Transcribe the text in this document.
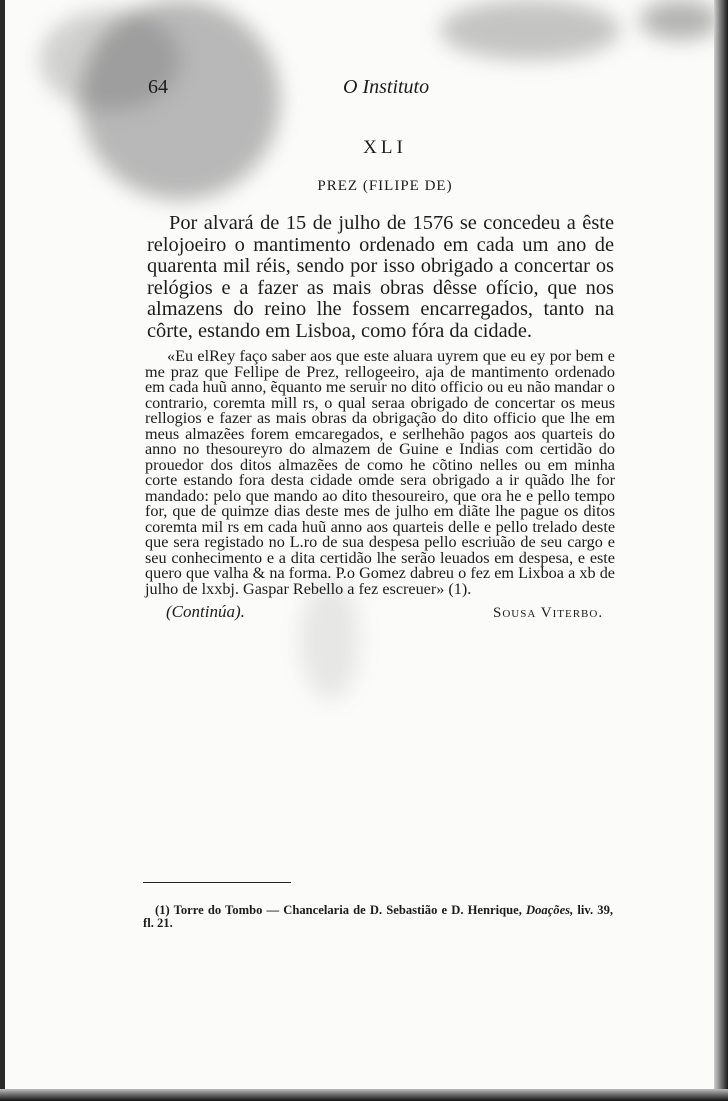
64	O Instituto
XLI
PREZ (FILIPE DE)

Por alvará de 15 de julho de 1576 se concedeu a êste relojoeiro o mantimento ordenado em cada um ano de quarenta mil réis, sendo por isso obrigado a concertar os relógios e a fazer as mais obras dêsse ofício, que nos almazens do reino lhe fossem encarregados, tanto na côrte, estando em Lisboa, como fóra da cidade.

«Eu elRey faço saber aos que este aluara uyrem que eu ey por bem e me praz que Fellipe de Prez, rellogeeiro, aja de mantimento ordenado em cada huũ anno, ẽquanto me seruir no dito officio ou eu não mandar o contrario, coremta mill rs, o qual seraa obrigado de concertar os meus rellogios e fazer as mais obras da obrigação do dito officio que lhe em meus almazẽes forem emcaregados, e serlhehão pagos aos quarteis do anno no thesoureyro do almazem de Guine e Indias com certidão do prouedor dos ditos almazẽes de como he cõtino nelles ou em minha corte estando fora desta cidade omde sera obrigado a ir quãdo lhe for mandado: pelo que mando ao dito thesoureiro, que ora he e pello tempo for, que de quimze dias deste mes de julho em diãte lhe pague os ditos coremta mil rs em cada huũ anno aos quarteis delle e pello trelado deste que sera registado no L.ro de sua despesa pello escriuão de seu cargo e seu conhecimento e a dita certidão lhe serão leuados em despesa, e este quero que valha & na forma. P.o Gomez dabreu o fez em Lixboa a xb de julho de lxxbj. Gaspar Rebello a fez escreuer» (1).

(Continúa).	Sousa Viterbo.

(1) Torre do Tombo — Chancelaria de D. Sebastião e D. Henrique, Doações, liv. 39, fl. 21.
